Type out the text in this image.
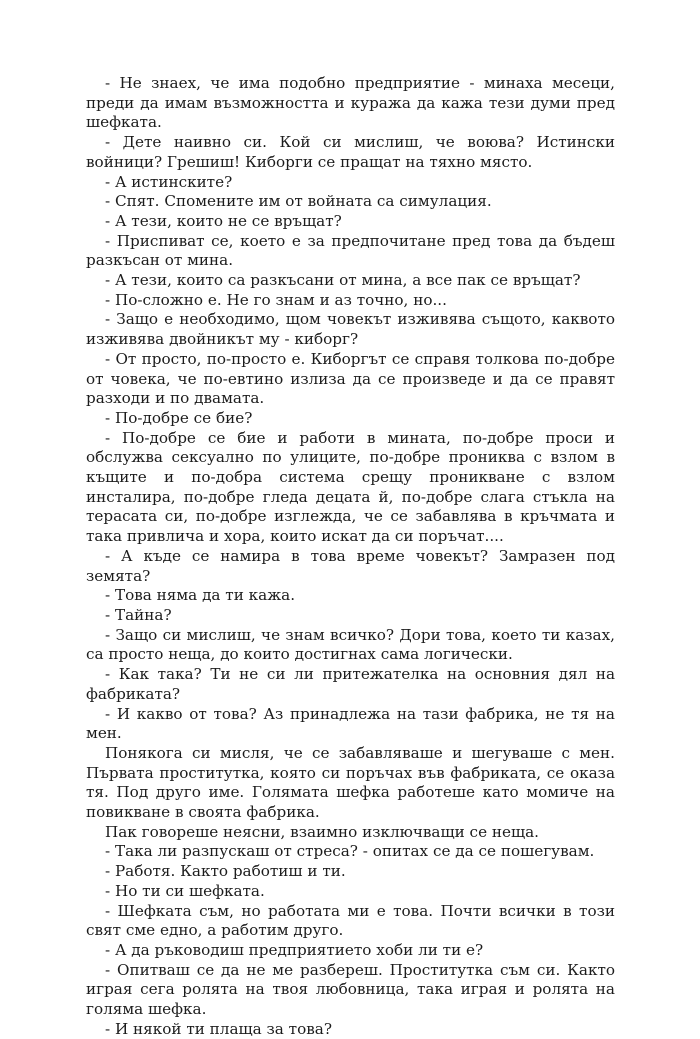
- Не знаех, че има подобно предприятие - минаха месеци, преди да имам възможността и куража да кажа тези думи пред шефката.

- Дете наивно си. Кой си мислиш, че воюва? Истински войници? Грешиш! Киборги се пращат на тяхно място.

- А истинските?

- Спят. Спомените им от войната са симулация.

- А тези, които не се връщат?

- Приспиват се, което е за предпочитане пред това да бъдеш разкъсан от мина.

- А тези, които са разкъсани от мина, а все пак се връщат?

- По-сложно е. Не го знам и аз точно, но...

- Защо е необходимо, щом човекът изживява същото, каквото изживява двойникът му - киборг?

- От просто, по-просто е. Киборгът се справя толкова по-добре от човека, че по-евтино излиза да се произведе и да се правят разходи и по двамата.

- По-добре се бие?

- По-добре се бие и работи в мината, по-добре проси и обслужва сексуално по улиците, по-добре прониква с взлом в къщите и по-добра система срещу проникване с взлом инсталира, по-добре гледа децата й, по-добре слага стъкла на терасата си, по-добре изглежда, че се забавлява в кръчмата и така привлича и хора, които искат да си поръчат....

- А къде се намира в това време човекът? Замразен под земята?

- Това няма да ти кажа.

- Тайна?

- Защо си мислиш, че знам всичко? Дори това, което ти казах, са просто неща, до които достигнах сама логически.

- Как така? Ти не си ли притежателка на основния дял на фабриката?

- И какво от това? Аз принадлежа на тази фабрика, не тя на мен.

Понякога си мисля, че се забавляваше и шегуваше с мен. Първата проститутка, която си поръчах във фабриката, се оказа тя. Под друго име. Голямата шефка работеше като момиче на повикване в своята фабрика.

Пак говореше неясни, взаимно изключващи се неща.

- Така ли разпускаш от стреса? - опитах се да се пошегувам.

- Работя. Както работиш и ти.

- Но ти си шефката.

- Шефката съм, но работата ми е това. Почти всички в този свят сме едно, а работим друго.

- А да ръководиш предприятието хоби ли ти е?

- Опитваш се да не ме разбереш. Проститутка съм си. Както играя сега ролята на твоя любовница, така играя и ролята на голяма шефка.

- И някой ти плаща за това?
